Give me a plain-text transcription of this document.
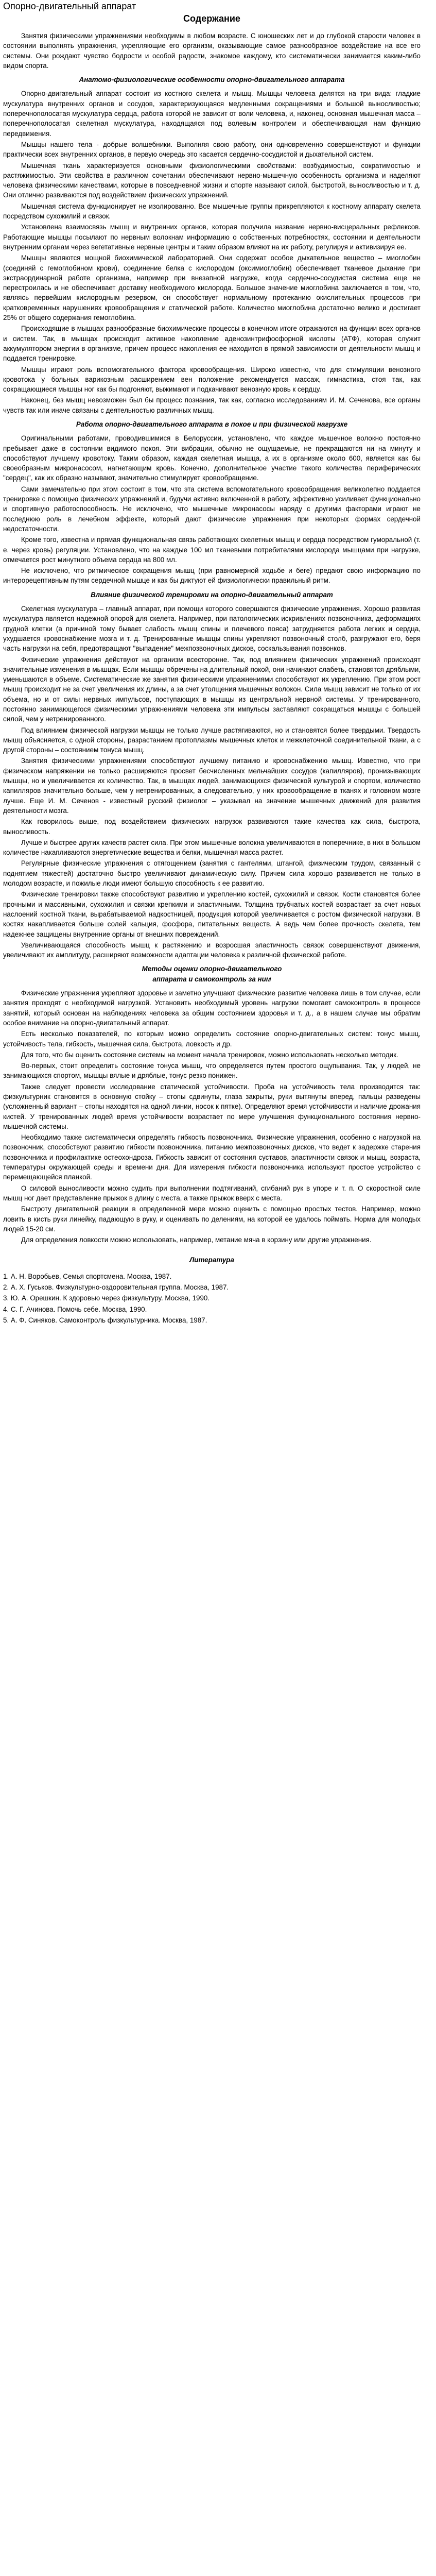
Опорно-двигательный аппарат
Содержание

Занятия физическими упражнениями необходимы в любом возрасте. С юношеских лет и до глубокой старости человек в состоянии выполнять упражнения, укрепляющие его организм, оказывающие самое разнообразное воздействие на все его системы. Они рождают чувство бодрости и особой радости, знакомое каждому, кто систематически занимается каким-либо видом спорта.

Анатомо-физиологические особенности опорно-двигательного аппарата

Опорно-двигательный аппарат состоит из костного скелета и мышц. Мышцы человека делятся на три вида: гладкие мускулатура внутренних органов и сосудов, характеризующаяся медленными сокращениями и большой выносливостью; поперечнополосатая мускулатура сердца, работа которой не зависит от воли человека, и, наконец, основная мышечная масса – поперечнополосатая скелетная мускулатура, находящаяся под волевым контролем и обеспечивающая нам функцию передвижения.

Мышцы нашего тела - добрые волшебники. Выполняя свою работу, они одновременно совершенствуют и функции практически всех внутренних органов, в первую очередь это касается сердечно-сосудистой и дыхательной систем.

Мышечная ткань характеризуется основными физиологическими свойствами: возбудимостью, сократимостью и растяжимостью. Эти свойства в различном сочетании обеспечивают нервно-мышечную особенность организма и наделяют человека физическими качествами, которые в повседневной жизни и спорте называют силой, быстротой, выносливостью и т. д. Они отлично развиваются под воздействием физических упражнений.

Мышечная система функционирует не изолированно. Все мышечные группы прикрепляются к костному аппарату скелета посредством сухожилий и связок.

Установлена взаимосвязь мышц и внутренних органов, которая получила название нервно-висцеральных рефлексов. Работающие мышцы посылают по нервным волокнам информацию о собственных потребностях, состоянии и деятельности внутренним органам через вегетативные нервные центры и таким образом влияют на их работу, регулируя и активизируя ее.

Мышцы являются мощной биохимической лабораторией. Они содержат особое дыхательное вещество – миоглобин (соединяй с гемоглобином крови), соединение белка с кислородом (оксимиоглобин) обеспечивает тканевое дыхание при экстраординарной работе организма, например при внезапной нагрузке, когда сердечно-сосудистая система еще не перестроилась и не обеспечивает доставку необходимого кислорода. Большое значение миоглобина заключается в том, что, являясь первейшим кислородным резервом, он способствует нормальному протеканию окислительных процессов при кратковременных нарушениях кровообращения и статической работе. Количество миоглобина достаточно велико и достигает 25% от общего содержания гемоглобина.

Происходящие в мышцах разнообразные биохимические процессы в конечном итоге отражаются на функции всех органов и систем. Так, в мышцах происходит активное накопление аденозинтрифосфорной кислоты (АТФ), которая служит аккумулятором энергии в организме, причем процесс накопления ее находится в прямой зависимости от деятельности мышц и поддается тренировке.

Мышцы играют роль вспомогательного фактора кровообращения. Широко известно, что для стимуляции венозного кровотока у больных варикозным расширением вен положение рекомендуется массаж, гимнастика, стоя так, как сокращающиеся мышцы ног как бы подгоняют, выжимают и подкачивают венозную кровь к сердцу.

Наконец, без мышц невозможен был бы процесс познания, так как, согласно исследованиям И. М. Сеченова, все органы чувств так или иначе связаны с деятельностью различных мышц.

Работа опорно-двигательного аппарата в покое и при физической нагрузке

Оригинальными работами, проводившимися в Белоруссии, установлено, что каждое мышечное волокно постоянно пребывает даже в состоянии видимого покоя. Эти вибрации, обычно не ощущаемые, не прекращаются ни на минуту и способствуют лучшему кровотоку. Таким образом, каждая скелетная мышца, а их в организме около 600, является как бы своеобразным микронасосом, нагнетающим кровь. Конечно, дополнительное участие такого количества периферических "сердец", как их образно называют, значительно стимулирует кровообращение.

Сами замечательно при этом состоит в том, что эта система вспомогательного кровообращения великолепно поддается тренировке с помощью физических упражнений и, будучи активно включенной в работу, эффективно усиливает функционально и спортивную работоспособность. Не исключено, что мышечные микронасосы наряду с другими факторами играют не последнюю роль в лечебном эффекте, который дают физические упражнения при некоторых формах сердечной недостаточности.

Кроме того, известна и прямая функциональная связь работающих скелетных мышц и сердца посредством гуморальной (т. е. через кровь) регуляции. Установлено, что на каждые 100 мл тканевыми потребителями кислорода мышцами при нагрузке, отмечается рост минутного объема сердца на 800 мл.

Не исключено, что ритмическое сокращения мышц (при равномерной ходьбе и беге) предают свою информацию по интерорецептивным путям сердечной мышце и как бы диктуют ей физиологически правильный ритм.

Влияние физической тренировки на опорно-двигательный аппарат

Скелетная мускулатура – главный аппарат, при помощи которого совершаются физические упражнения. Хорошо развитая мускулатура является надежной опорой для скелета. Например, при патологических искривлениях позвоночника, деформациях грудной клетки (а причиной тому бывает слабость мышц спины и плечевого пояса) затрудняется работа легких и сердца, ухудшается кровоснабжение мозга и т. д. Тренированные мышцы спины укрепляют позвоночный столб, разгружают его, беря часть нагрузки на себя, предотвращают "выпадение" межпозвоночных дисков, соскальзывания позвонков.

Физические упражнения действуют на организм всесторонне. Так, под влиянием физических упражнений происходят значительные изменения в мышцах. Если мышцы обречены на длительный покой, они начинают слабеть, становятся дряблыми, уменьшаются в объеме. Систематические же занятия физическими упражнениями способствуют их укреплению. При этом рост мышц происходит не за счет увеличения их длины, а за счет утолщения мышечных волокон. Сила мышц зависит не только от их объема, но и от силы нервных импульсов, поступающих в мышцы из центральной нервной системы. У тренированного, постоянно занимающегося физическими упражнениями человека эти импульсы заставляют сокращаться мышцы с большей силой, чем у нетренированного.

Под влиянием физической нагрузки мышцы не только лучше растягиваются, но и становятся более твердыми. Твердость мышц объясняется, с одной стороны, разрастанием протоплазмы мышечных клеток и межклеточной соединительной ткани, а с другой стороны – состоянием тонуса мышц.

Занятия физическими упражнениями способствуют лучшему питанию и кровоснабжению мышц. Известно, что при физическом напряжении не только расширяются просвет бесчисленных мельчайших сосудов (капилляров), пронизывающих мышцы, но и увеличивается их количество. Так, в мышцах людей, занимающихся физической культурой и спортом, количество капилляров значительно больше, чем у нетренированных, а следовательно, у них кровообращение в тканях и головном мозге лучше. Еще И. М. Сеченов - известный русский физиолог – указывал на значение мышечных движений для развития деятельности мозга.

Как говорилось выше, под воздействием физических нагрузок развиваются такие качества как сила, быстрота, выносливость.

Лучше и быстрее других качеств растет сила. При этом мышечные волокна увеличиваются в поперечнике, в них в большом количестве накапливаются энергетические вещества и белки, мышечная масса растет.

Регулярные физические упражнения с отягощением (занятия с гантелями, штангой, физическим трудом, связанный с поднятием тяжестей) достаточно быстро увеличивают динамическую силу. Причем сила хорошо развивается не только в молодом возрасте, и пожилые люди имеют большую способность к ее развитию.

Физические тренировки также способствуют развитию и укреплению костей, сухожилий и связок. Кости становятся более прочными и массивными, сухожилия и связки крепкими и эластичными. Толщина трубчатых костей возрастает за счет новых наслоений костной ткани, вырабатываемой надкостницей, продукция которой увеличивается с ростом физической нагрузки. В костях накапливается больше солей кальция, фосфора, питательных веществ. А ведь чем более прочность скелета, тем надежнее защищены внутренние органы от внешних повреждений.

Увеличивающаяся способность мышц к растяжению и возросшая эластичность связок совершенствуют движения, увеличивают их амплитуду, расширяют возможности адаптации человека к различной физической работе.

Методы оценки опорно-двигательного
аппарата и самоконтроль за ним

Физические упражнения укрепляют здоровье и заметно улучшают физические развитие человека лишь в том случае, если занятия проходят с необходимой нагрузкой. Установить необходимый уровень нагрузки помогает самоконтроль в процессе занятий, который основан на наблюдениях человека за общим состоянием здоровья и т. д., а в нашем случае мы обратим особое внимание на опорно-двигательный аппарат.

Есть несколько показателей, по которым можно определить состояние опорно-двигательных систем: тонус мышц, устойчивость тела, гибкость, мышечная сила, быстрота, ловкость и др.

Для того, что бы оценить состояние системы на момент начала тренировок, можно использовать несколько методик.

Во-первых, стоит определить состояние тонуса мышц, что определяется путем простого ощупывания. Так, у людей, не занимающихся спортом, мышцы вялые и дряблые, тонус резко понижен.

Также следует провести исследование статической устойчивости. Проба на устойчивость тела производится так: физкультурник становится в основную стойку – стопы сдвинуты, глаза закрыты, руки вытянуты вперед, пальцы разведены (усложненный вариант – стопы находятся на одной линии, носок к пятке). Определяют время устойчивости и наличие дрожания кистей. У тренированных людей время устойчивости возрастает по мере улучшения функционального состояния нервно-мышечной системы.

Необходимо также систематически определять гибкость позвоночника. Физические упражнения, особенно с нагрузкой на позвоночник, способствуют развитию гибкости позвоночника, питанию межпозвоночных дисков, что ведет к задержке старения позвоночника и профилактике остеохондроза. Гибкость зависит от состояния суставов, эластичности связок и мышц, возраста, температуры окружающей среды и времени дня. Для измерения гибкости позвоночника используют простое устройство с перемещающейся планкой.

О силовой выносливости можно судить при выполнении подтягиваний, сгибаний рук в упоре и т. п. О скоростной силе мышц ног дает представление прыжок в длину с места, а также прыжок вверх с места.

Быстроту двигательной реакции в определенной мере можно оценить с помощью простых тестов. Например, можно ловить в кисть руки линейку, падающую в руку, и оценивать по делениям, на которой ее удалось поймать. Норма для молодых людей 15-20 см.

Для определения ловкости можно использовать, например, метание мяча в корзину или другие упражнения.

Литература
1. А. Н. Воробьев, Семья спортсмена. Москва, 1987.
2. А. Х. Гуськов. Физкультурно-оздоровительная группа. Москва, 1987.
3. Ю. А. Орешкин. К здоровью через физкультуру. Москва, 1990.
4. С. Г. Ачинова. Помочь себе. Москва, 1990.
5. А. Ф. Синяков. Самоконтроль физкультурника. Москва, 1987.
